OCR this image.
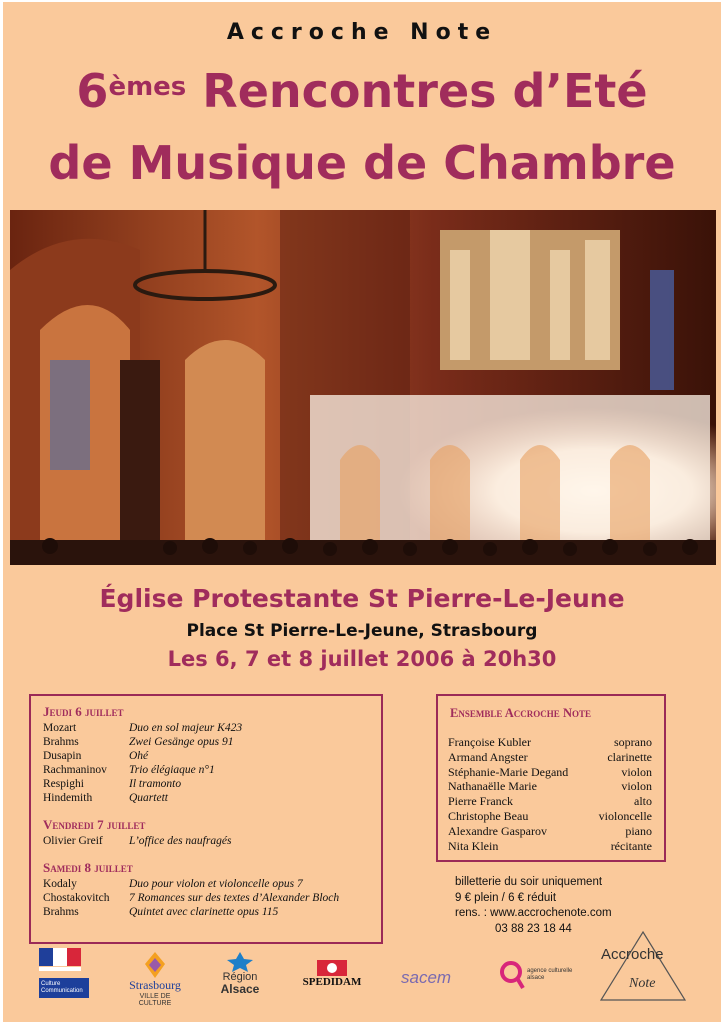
Accroche Note
6èmes Rencontres d’Eté
de Musique de Chambre
Église Protestante St Pierre-Le-Jeune
Place St Pierre-Le-Jeune, Strasbourg
Les 6, 7 et 8 juillet 2006 à 20h30
Jeudi 6 juillet
Mozart	Duo en sol majeur K423
Brahms	Zwei Gesänge opus 91
Dusapin	Ohé
Rachmaninov	Trio élégiaque n°1
Respighi	Il tramonto
Hindemith	Quartett
Vendredi 7 juillet
Olivier Greif	L’office des naufragés
Samedi 8 juillet
Kodaly	Duo pour violon et violoncelle opus 7
Chostakovitch	7 Romances sur des textes d’Alexander Bloch
Brahms	Quintet avec clarinette opus 115
Ensemble Accroche Note
Françoise Kubler	soprano
Armand Angster	clarinette
Stéphanie-Marie Degand	violon
Nathanaëlle Marie	violon
Pierre Franck	alto
Christophe Beau	violoncelle
Alexandre Gasparov	piano
Nita Klein	récitante
billetterie du soir uniquement
9 € plein / 6 € réduit
rens. : www.accrochenote.com
03 88 23 18 44
Culture Communication	Strasbourg
VILLE DE CULTURE
Région
Alsace	SPEDIDAM	sacem	agence culturelle alsace
Accroche
Note
